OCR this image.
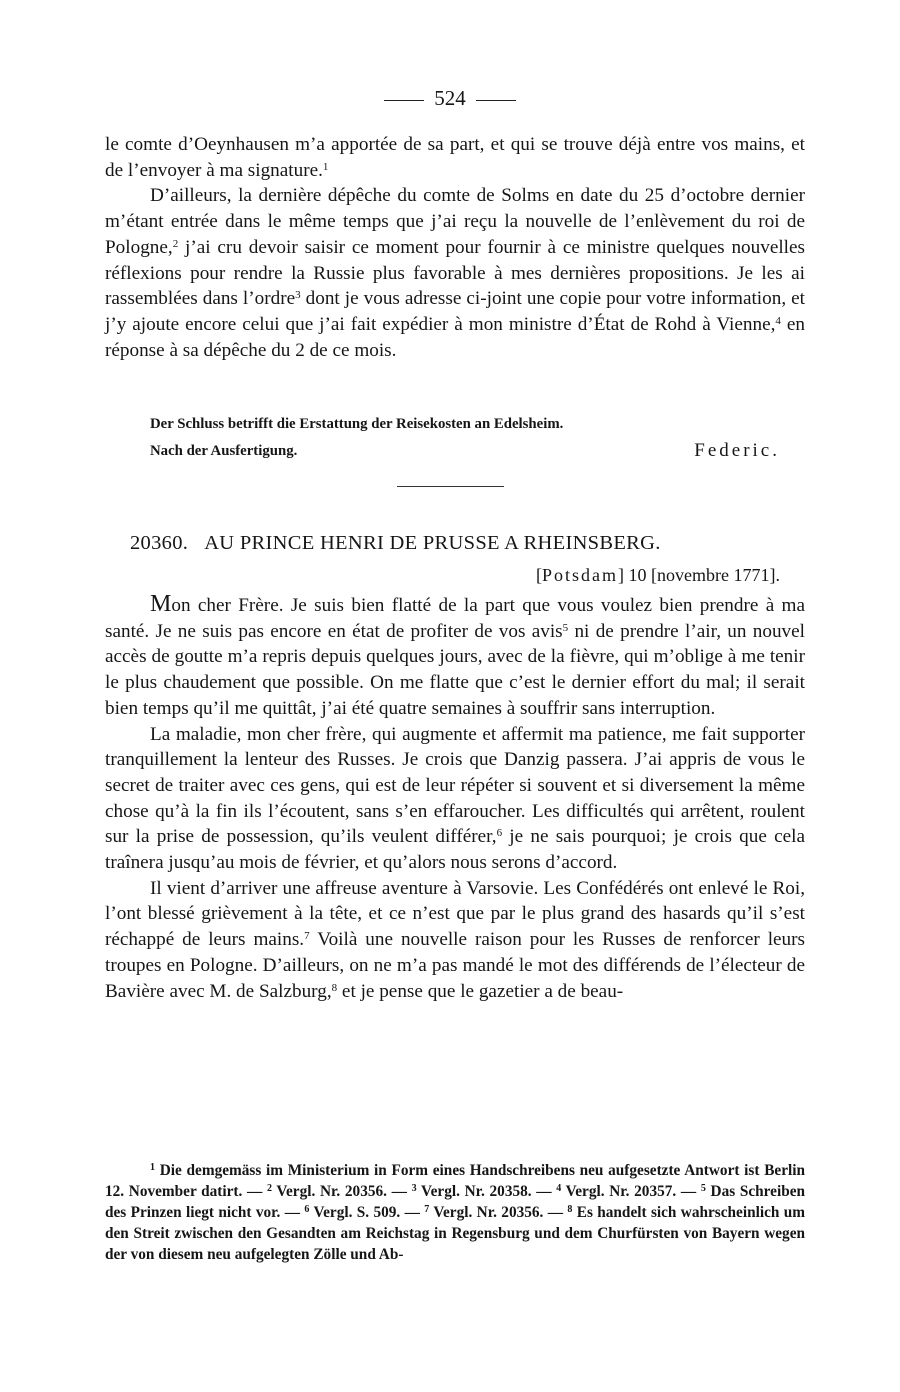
524

le comte d’Oeynhausen m’a apportée de sa part, et qui se trouve déjà entre vos mains, et de l’envoyer à ma signature.$^1$

D’ailleurs, la dernière dépêche du comte de Solms en date du 25 d’octobre dernier m’étant entrée dans le même temps que j’ai reçu la nouvelle de l’enlèvement du roi de Pologne,$^2$ j’ai cru devoir saisir ce moment pour fournir à ce ministre quelques nouvelles réflexions pour rendre la Russie plus favorable à mes dernières propositions. Je les ai rassemblées dans l’ordre$^3$ dont je vous adresse ci-joint une copie pour votre information, et j’y ajoute encore celui que j’ai fait expédier à mon ministre d’État de Rohd à Vienne,$^4$ en réponse à sa dépêche du 2 de ce mois.

Der Schluss betrifft die Erstattung der Reisekosten an Edelsheim.
Nach der Ausfertigung.	Federic.
20360. AU PRINCE HENRI DE PRUSSE A RHEINSBERG.
[Potsdam] 10 [novembre 1771].

Mon cher Frère. Je suis bien flatté de la part que vous voulez bien prendre à ma santé. Je ne suis pas encore en état de profiter de vos avis$^5$ ni de prendre l’air, un nouvel accès de goutte m’a repris depuis quelques jours, avec de la fièvre, qui m’oblige à me tenir le plus chaudement que possible. On me flatte que c’est le dernier effort du mal; il serait bien temps qu’il me quittât, j’ai été quatre semaines à souffrir sans interruption.

La maladie, mon cher frère, qui augmente et affermit ma patience, me fait supporter tranquillement la lenteur des Russes. Je crois que Danzig passera. J’ai appris de vous le secret de traiter avec ces gens, qui est de leur répéter si souvent et si diversement la même chose qu’à la fin ils l’écoutent, sans s’en effaroucher. Les difficultés qui arrêtent, roulent sur la prise de possession, qu’ils veulent différer,$^6$ je ne sais pourquoi; je crois que cela traînera jusqu’au mois de février, et qu’alors nous serons d’accord.

Il vient d’arriver une affreuse aventure à Varsovie. Les Confédérés ont enlevé le Roi, l’ont blessé grièvement à la tête, et ce n’est que par le plus grand des hasards qu’il s’est réchappé de leurs mains.$^7$ Voilà une nouvelle raison pour les Russes de renforcer leurs troupes en Pologne. D’ailleurs, on ne m’a pas mandé le mot des différends de l’électeur de Bavière avec M. de Salzburg,$^8$ et je pense que le gazetier a de beau-

$^1$ Die demgemäss im Ministerium in Form eines Handschreibens neu aufgesetzte Antwort ist Berlin 12. November datirt. — $^2$ Vergl. Nr. 20356. — $^3$ Vergl. Nr. 20358. — $^4$ Vergl. Nr. 20357. — $^5$ Das Schreiben des Prinzen liegt nicht vor. — $^6$ Vergl. S. 509. — $^7$ Vergl. Nr. 20356. — $^8$ Es handelt sich wahrscheinlich um den Streit zwischen den Gesandten am Reichstag in Regensburg und dem Churfürsten von Bayern wegen der von diesem neu aufgelegten Zölle und Ab-
